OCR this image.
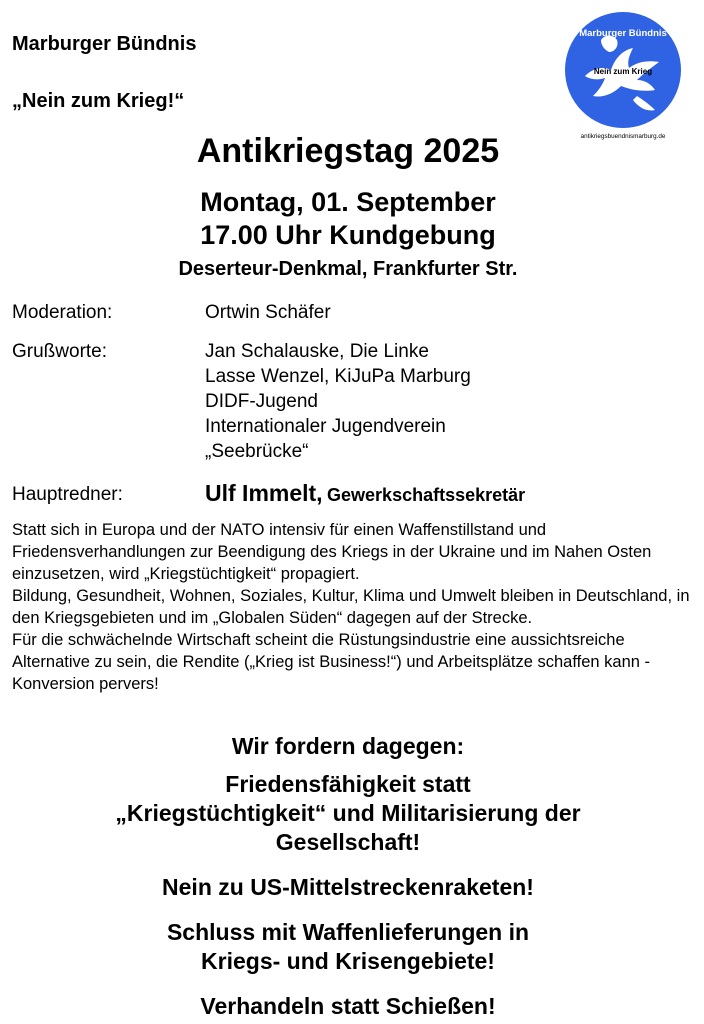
Marburger Bündnis
„Nein zum Krieg!“
Marburger Bündnis
Nein zum Krieg
antikriegsbuendnismarburg.de
Antikriegstag 2025
Montag, 01. September
17.00 Uhr Kundgebung
Deserteur-Denkmal, Frankfurter Str.
Moderation:	Ortwin Schäfer
Grußworte:	Jan Schalauske, Die Linke
Lasse Wenzel, KiJuPa Marburg
DIDF-Jugend
Internationaler Jugendverein
„Seebrücke“
Hauptredner:	Ulf Immelt, Gewerkschaftssekretär

Statt sich in Europa und der NATO intensiv für einen Waffenstillstand und Friedensverhandlungen zur Beendigung des Kriegs in der Ukraine und im Nahen Osten einzusetzen, wird „Kriegstüchtigkeit“ propagiert.

Bildung, Gesundheit, Wohnen, Soziales, Kultur, Klima und Umwelt bleiben in Deutschland, in den Kriegsgebieten und im „Globalen Süden“ dagegen auf der Strecke.

Für die schwächelnde Wirtschaft scheint die Rüstungsindustrie eine aussichtsreiche Alternative zu sein, die Rendite („Krieg ist Business!“) und Arbeitsplätze schaffen kann - Konversion pervers!

Wir fordern dagegen:
Friedensfähigkeit statt
„Kriegstüchtigkeit“ und Militarisierung der
Gesellschaft!
Nein zu US-Mittelstreckenraketen!
Schluss mit Waffenlieferungen in
Kriegs- und Krisengebiete!
Verhandeln statt Schießen!
